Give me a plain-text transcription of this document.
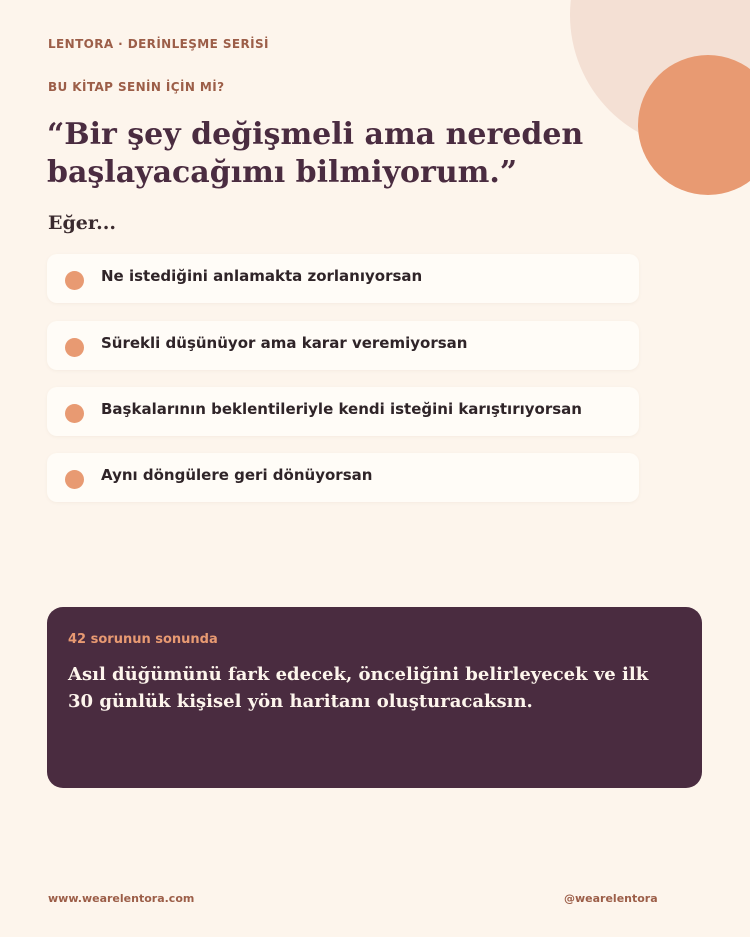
LENTORA · DERİNLEŞME SERİSİ
BU KİTAP SENİN İÇİN Mİ?
“Bir şey değişmeli ama nereden başlayacağımı bilmiyorum.”
Eğer...
Ne istediğini anlamakta zorlanıyorsan
Sürekli düşünüyor ama karar veremiyorsan
Başkalarının beklentileriyle kendi isteğini karıştırıyorsan
Aynı döngülere geri dönüyorsan
42 sorunun sonunda
Asıl düğümünü fark edecek, önceliğini belirleyecek ve ilk 30 günlük kişisel yön haritanı oluşturacaksın.
www.wearelentora.com	@wearelentora
